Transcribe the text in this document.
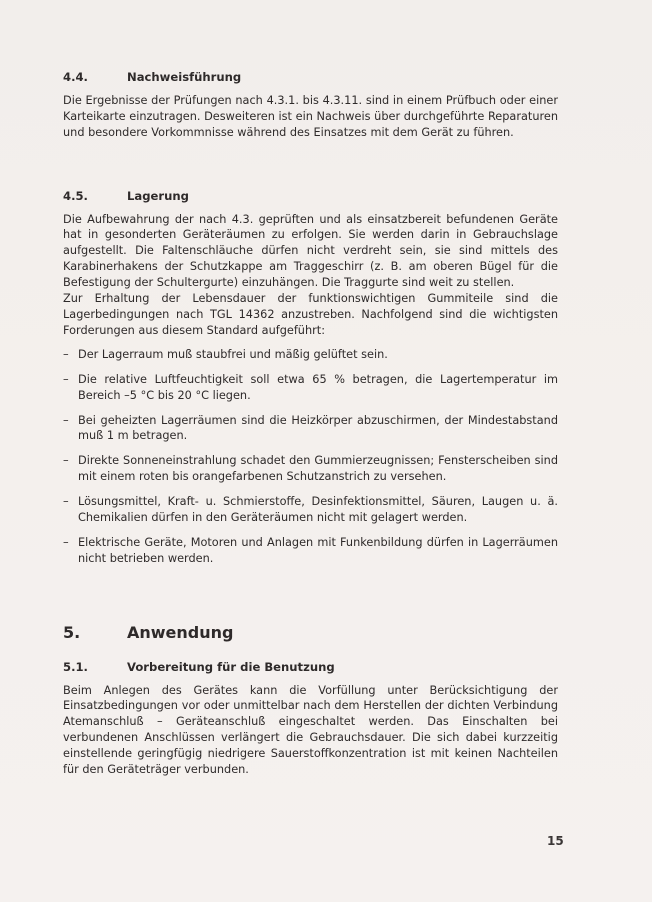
4.4.	Nachweisführung

Die Ergebnisse der Prüfungen nach 4.3.1. bis 4.3.11. sind in einem Prüfbuch oder einer Karteikarte einzutragen. Desweiteren ist ein Nachweis über durchgeführte Reparaturen und besondere Vorkommnisse während des Einsatzes mit dem Gerät zu führen.

4.5.	Lagerung

Die Aufbewahrung der nach 4.3. geprüften und als einsatzbereit befundenen Geräte hat in gesonderten Geräteräumen zu erfolgen. Sie werden darin in Gebrauchslage aufgestellt. Die Faltenschläuche dürfen nicht verdreht sein, sie sind mittels des Karabinerhakens der Schutzkappe am Traggeschirr (z. B. am oberen Bügel für die Befestigung der Schultergurte) einzuhängen. Die Traggurte sind weit zu stellen.

Zur Erhaltung der Lebensdauer der funktionswichtigen Gummiteile sind die Lagerbedingungen nach TGL 14362 anzustreben. Nachfolgend sind die wichtigsten Forderungen aus diesem Standard aufgeführt:

– Der Lagerraum muß staubfrei und mäßig gelüftet sein.
– Die relative Luftfeuchtigkeit soll etwa 65 % betragen, die Lagertemperatur im Bereich –5 °C bis 20 °C liegen.
– Bei geheizten Lagerräumen sind die Heizkörper abzuschirmen, der Mindestabstand muß 1 m betragen.
– Direkte Sonneneinstrahlung schadet den Gummierzeugnissen; Fensterscheiben sind mit einem roten bis orangefarbenen Schutzanstrich zu versehen.
– Lösungsmittel, Kraft- u. Schmierstoffe, Desinfektionsmittel, Säuren, Laugen u. ä. Chemikalien dürfen in den Geräteräumen nicht mit gelagert werden.
– Elektrische Geräte, Motoren und Anlagen mit Funkenbildung dürfen in Lagerräumen nicht betrieben werden.
5.	Anwendung
5.1.	Vorbereitung für die Benutzung

Beim Anlegen des Gerätes kann die Vorfüllung unter Berücksichtigung der Einsatzbedingungen vor oder unmittelbar nach dem Herstellen der dichten Verbindung Atemanschluß – Geräteanschluß eingeschaltet werden. Das Einschalten bei verbundenen Anschlüssen verlängert die Gebrauchsdauer. Die sich dabei kurzzeitig einstellende geringfügig niedrigere Sauerstoffkonzentration ist mit keinen Nachteilen für den Geräteträger verbunden.

15
